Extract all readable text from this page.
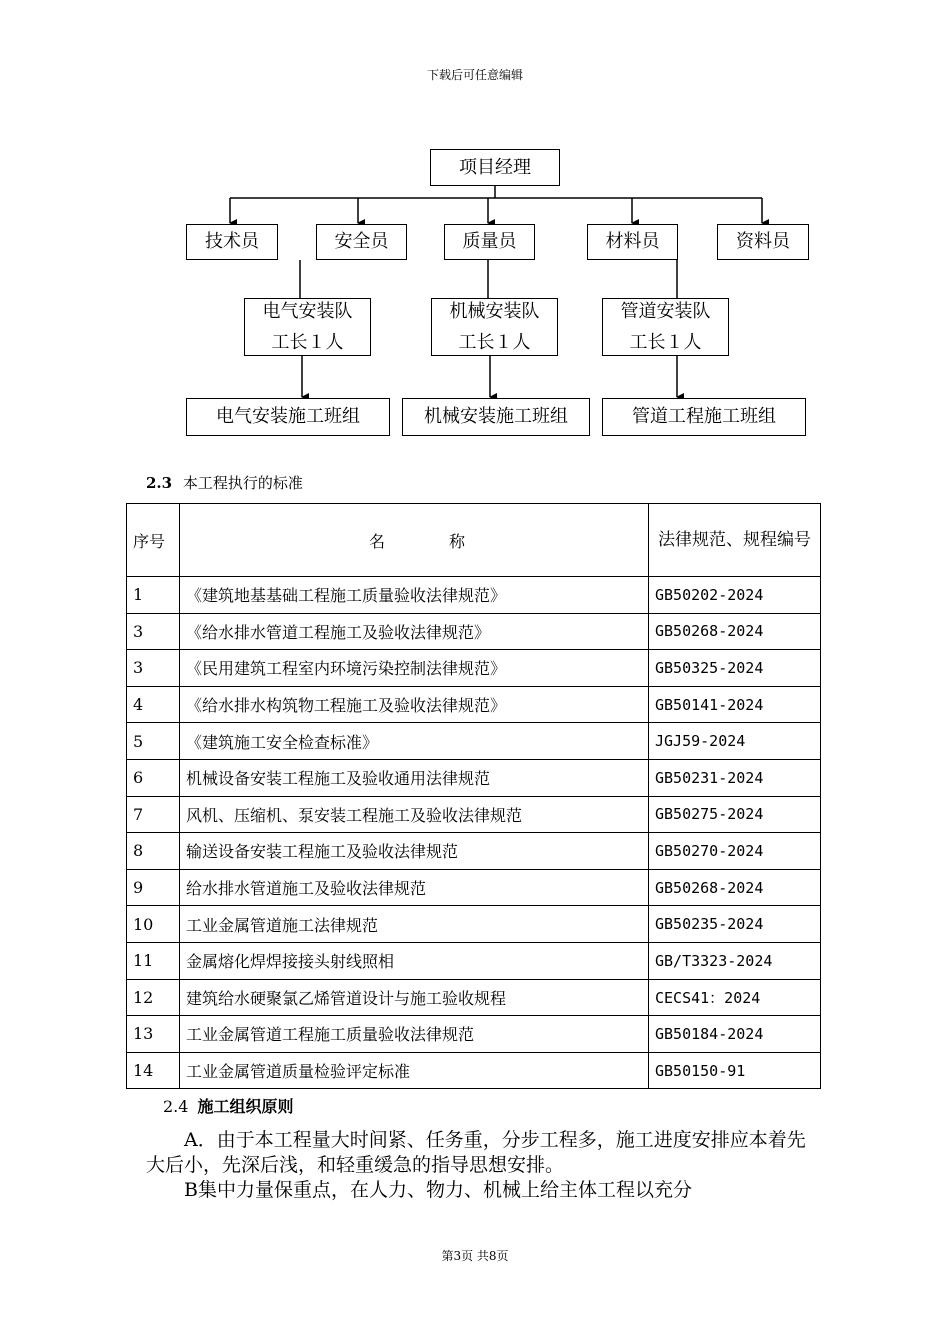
下载后可任意编辑
项目经理
技术员	安全员	质量员	材料员	资料员
电气安装队
工长１人
机械安装队
工长１人
管道安装队
工长１人
电气安装施工班组	机械安装施工班组	管道工程施工班组
2.3 本工程执行的标准
序号	名　　　　称	法律规范、规程编号
1	《建筑地基基础工程施工质量验收法律规范》	GB50202-2024
3	《给水排水管道工程施工及验收法律规范》	GB50268-2024
3	《民用建筑工程室内环境污染控制法律规范》	GB50325-2024
4	《给水排水构筑物工程施工及验收法律规范》	GB50141-2024
5	《建筑施工安全检查标准》	JGJ59-2024
6	机械设备安装工程施工及验收通用法律规范	GB50231-2024
7	风机、压缩机、泵安装工程施工及验收法律规范	GB50275-2024
8	输送设备安装工程施工及验收法律规范	GB50270-2024
9	给水排水管道施工及验收法律规范	GB50268-2024
10	工业金属管道施工法律规范	GB50235-2024
11	金属熔化焊焊接接头射线照相	GB/T3323-2024
12	建筑给水硬聚氯乙烯管道设计与施工验收规程	CECS41：2024
13	工业金属管道工程施工质量验收法律规范	GB50184-2024
14	工业金属管道质量检验评定标准	GB50150-91
2.4 施工组织原则
A．由于本工程量大时间紧、任务重，分步工程多，施工进度安排应本着先大后小，先深后浅，和轻重缓急的指导思想安排。
B集中力量保重点，在人力、物力、机械上给主体工程以充分
第3页 共8页
